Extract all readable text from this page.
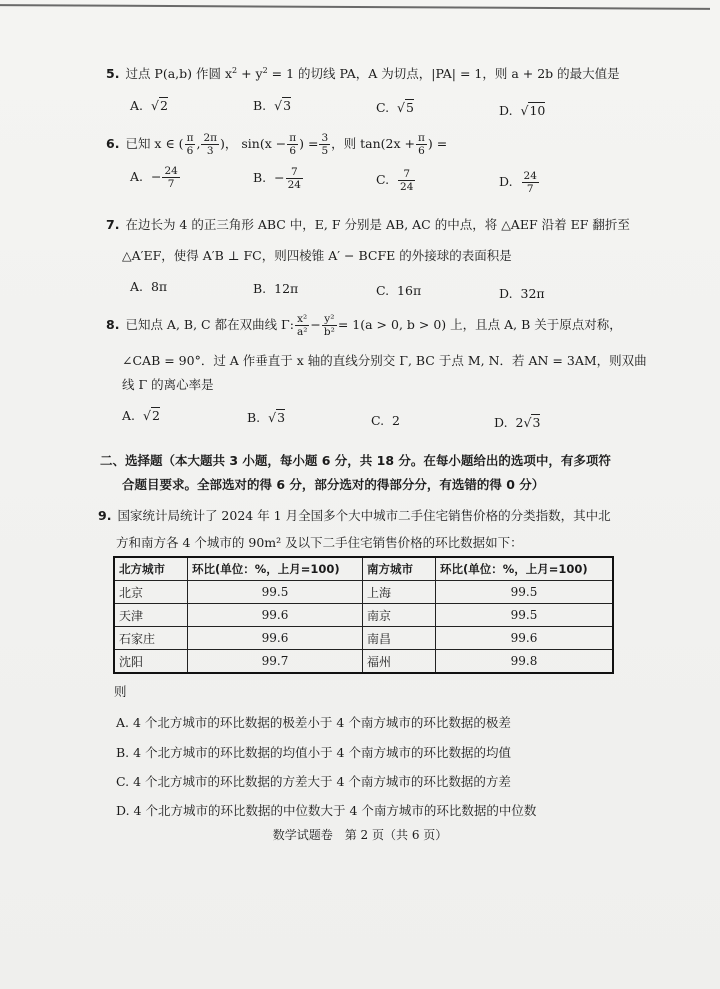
5. 过点 P(a,b) 作圆 $x^2 + y^2 = 1$ 的切线 PA，A 为切点，|PA| = 1，则 a + 2b 的最大值是
A.  √2	B.  √3	C.  √5	D.  √10
6. 已知 x ∈ ( $\frac{\pi}{6}$ , $\frac{2\pi}{3}$ )， $\sin(x - \frac{\pi}{6}$ ) = $\frac{3}{5}$ ，则 $\tan(2x + \frac{\pi}{6}$ ) =
A. − $\frac{24}{7}$	B. − $\frac{7}{24}$	C. $\frac{7}{24}$	D. $\frac{24}{7}$
7. 在边长为 4 的正三角形 ABC 中，E, F 分别是 AB, AC 的中点，将 △AEF 沿着 EF 翻折至
△A′EF，使得 A′B ⊥ FC，则四棱锥 A′ − BCFE 的外接球的表面积是
A. 8π	B. 12π	C. 16π	D. 32π
8. 已知点 A, B, C 都在双曲线 Γ: $\frac{\text{x²}}{\text{a²}} - \frac{\text{y²}}{\text{b²}} = 1(a > 0$, b > 0) 上，且点 A, B 关于原点对称，
∠CAB = 90°．过 A 作垂直于 x 轴的直线分别交 Γ, BC 于点 M, N．若 AN = 3AM，则双曲
线 Γ 的离心率是
A.  √2	B.  √3	C. 2	D. 2√3
二、选择题（本大题共 3 小题，每小题 6 分，共 18 分。在每小题给出的选项中，有多项符
合题目要求。全部选对的得 6 分，部分选对的得部分分，有选错的得 0 分）
9. 国家统计局统计了 2024 年 1 月全国多个大中城市二手住宅销售价格的分类指数，其中北
方和南方各 4 个城市的 90m² 及以下二手住宅销售价格的环比数据如下：
北方城市	环比(单位：%，上月=100)	南方城市	环比(单位：%，上月=100)
北京	99.5	上海	99.5
天津	99.6	南京	99.5
石家庄	99.6	南昌	99.6
沈阳	99.7	福州	99.8
则
A. 4 个北方城市的环比数据的极差小于 4 个南方城市的环比数据的极差
B. 4 个北方城市的环比数据的均值小于 4 个南方城市的环比数据的均值
C. 4 个北方城市的环比数据的方差大于 4 个南方城市的环比数据的方差
D. 4 个北方城市的环比数据的中位数大于 4 个南方城市的环比数据的中位数
数学试题卷　第 2 页（共 6 页）
